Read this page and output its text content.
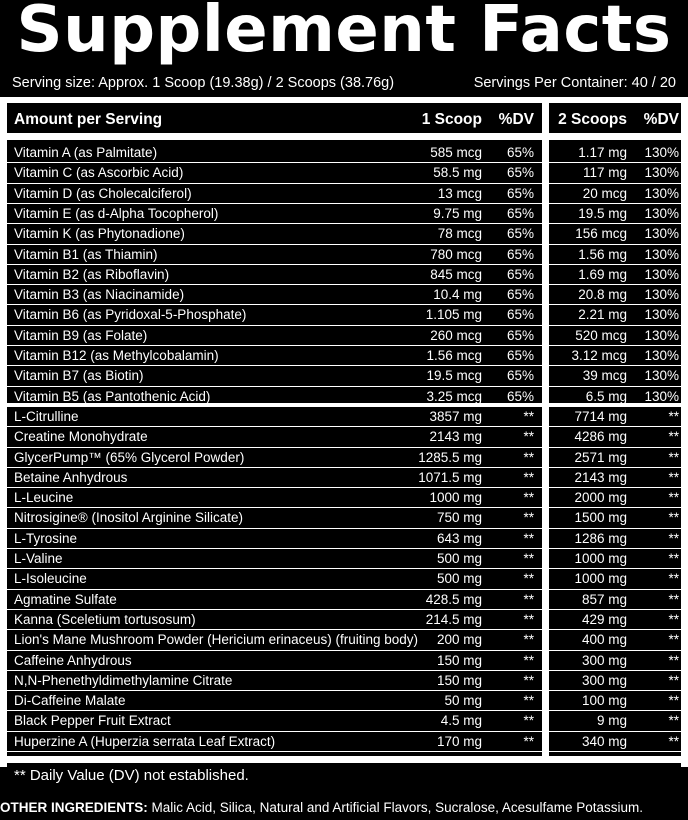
Supplement Facts
Serving size: Approx. 1 Scoop (19.38g) / 2 Scoops (38.76g)	Servings Per Container: 40 / 20
Amount per Serving	1 Scoop %DV 2 Scoops %DV
Vitamin A (as Palmitate)	585 mcg 65%	1.17 mg 130%
Vitamin C (as Ascorbic Acid)	58.5 mg 65%	117 mg 130%
Vitamin D (as Cholecalciferol)	13 mcg 65%	20 mcg 130%
Vitamin E (as d-Alpha Tocopherol)	9.75 mg 65%	19.5 mg 130%
Vitamin K (as Phytonadione)	78 mcg 65%	156 mcg 130%
Vitamin B1 (as Thiamin)	780 mcg 65%	1.56 mg 130%
Vitamin B2 (as Riboflavin)	845 mcg 65%	1.69 mg 130%
Vitamin B3 (as Niacinamide)	10.4 mg 65%	20.8 mg 130%
Vitamin B6 (as Pyridoxal-5-Phosphate)	1.105 mg 65%	2.21 mg 130%
Vitamin B9 (as Folate)	260 mcg 65%	520 mcg 130%
Vitamin B12 (as Methylcobalamin)	1.56 mcg 65%	3.12 mcg 130%
Vitamin B7 (as Biotin)	19.5 mcg 65%	39 mcg 130%
Vitamin B5 (as Pantothenic Acid)	3.25 mcg 65%	6.5 mg 130%
L-Citrulline	3857 mg	**	7714 mg	**
Creatine Monohydrate	2143 mg	**	4286 mg	**
GlycerPump™ (65% Glycerol Powder)	1285.5 mg	**	2571 mg	**
Betaine Anhydrous	1071.5 mg	**	2143 mg	**
L-Leucine	1000 mg	**	2000 mg	**
Nitrosigine® (Inositol Arginine Silicate)	750 mg	**	1500 mg	**
L-Tyrosine	643 mg	**	1286 mg	**
L-Valine	500 mg	**	1000 mg	**
L-Isoleucine	500 mg	**	1000 mg	**
Agmatine Sulfate	428.5 mg	**	857 mg	**
Kanna (Sceletium tortusosum)	214.5 mg	**	429 mg	**
Lion's Mane Mushroom Powder (Hericium erinaceus) (fruiting body) 200 mg	**	400 mg	**
Caffeine Anhydrous	150 mg	**	300 mg	**
N,N-Phenethyldimethylamine Citrate	150 mg	**	300 mg	**
Di-Caffeine Malate	50 mg	**	100 mg	**
Black Pepper Fruit Extract	4.5 mg	**	9 mg	**
Huperzine A (Huperzia serrata Leaf Extract)	170 mg	**	340 mg	**
** Daily Value (DV) not established.
OTHER INGREDIENTS: Malic Acid, Silica, Natural and Artificial Flavors, Sucralose, Acesulfame Potassium.
